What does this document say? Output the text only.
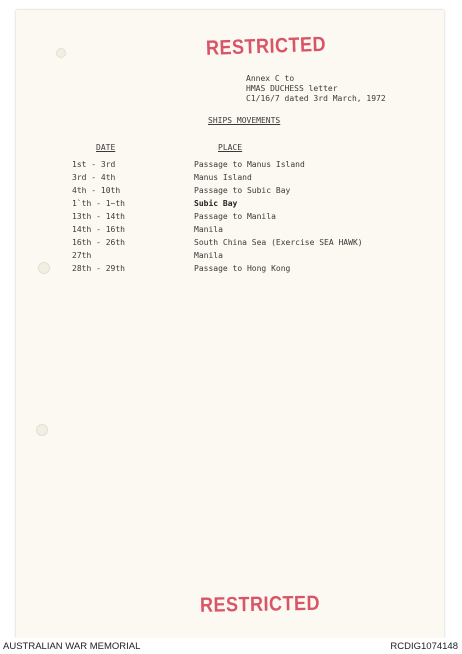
RESTRICTED
Annex C to
HMAS DUCHESS letter
C1/16/7 dated 3rd March, 1972
SHIPS MOVEMENTS
DATE	PLACE
1st - 3rd	Passage to Manus Island
3rd - 4th	Manus Island
4th - 10th	Passage to Subic Bay
1`th - 1~th	Subic Bay
13th - 14th	Passage to Manila
14th - 16th	Manila
16th - 26th	South China Sea (Exercise SEA HAWK)
27th	Manila
28th - 29th	Passage to Hong Kong
RESTRICTED
AUSTRALIAN WAR MEMORIAL	RCDIG1074148
